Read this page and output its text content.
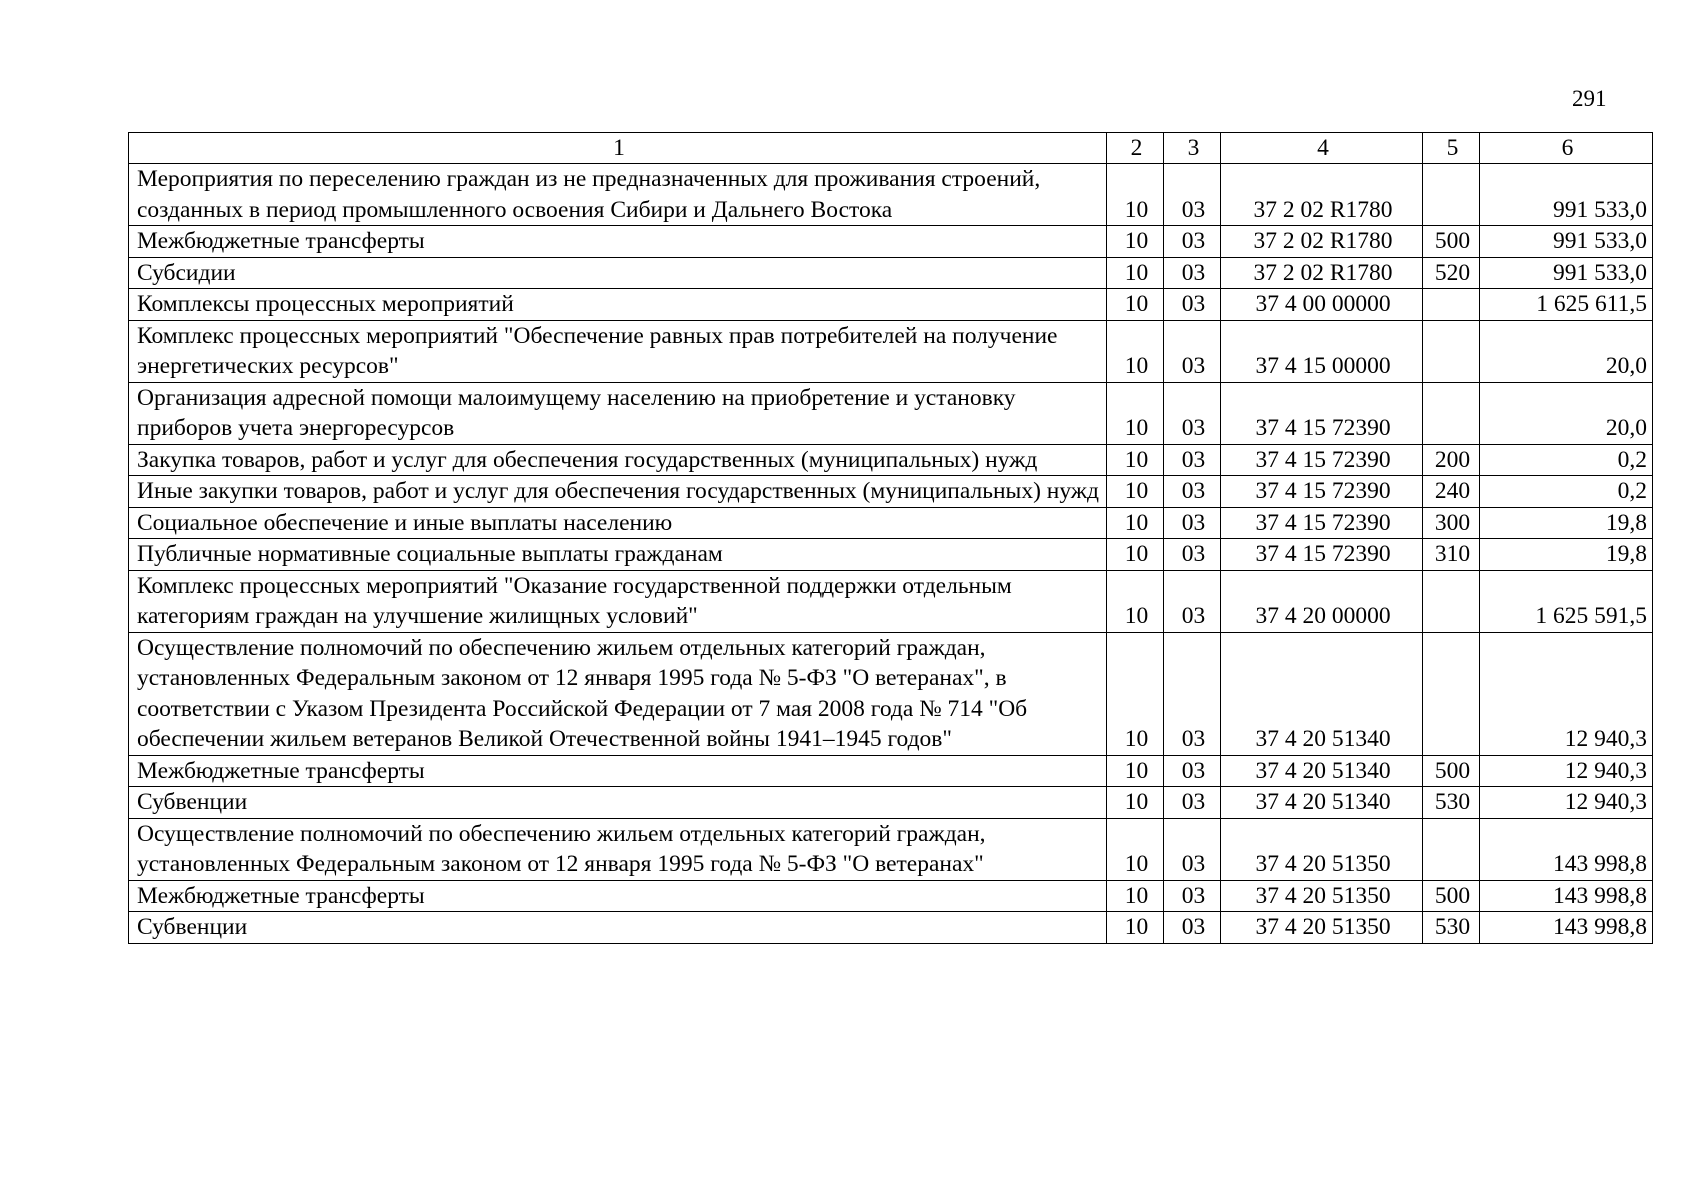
291
1	2	3	4	5	6
Мероприятия по переселению граждан из не предназначенных для проживания строений, созданных в период промышленного освоения Сибири и Дальнего Востока	10	03	37 2 02 R1780		991 533,0
Межбюджетные трансферты	10	03	37 2 02 R1780	500	991 533,0
Субсидии	10	03	37 2 02 R1780	520	991 533,0
Комплексы процессных мероприятий	10	03	37 4 00 00000		1 625 611,5
Комплекс процессных мероприятий "Обеспечение равных прав потребителей на получение энергетических ресурсов"	10	03	37 4 15 00000		20,0
Организация адресной помощи малоимущему населению на приобретение и установку приборов учета энергоресурсов	10	03	37 4 15 72390		20,0
Закупка товаров, работ и услуг для обеспечения государственных (муниципальных) нужд	10	03	37 4 15 72390	200	0,2
Иные закупки товаров, работ и услуг для обеспечения государственных (муниципальных) нужд	10	03	37 4 15 72390	240	0,2
Социальное обеспечение и иные выплаты населению	10	03	37 4 15 72390	300	19,8
Публичные нормативные социальные выплаты гражданам	10	03	37 4 15 72390	310	19,8
Комплекс процессных мероприятий "Оказание государственной поддержки отдельным категориям граждан на улучшение жилищных условий"	10	03	37 4 20 00000		1 625 591,5
Осуществление полномочий по обеспечению жильем отдельных категорий граждан, установленных Федеральным законом от 12 января 1995 года № 5-ФЗ "О ветеранах", в соответствии с Указом Президента Российской Федерации от 7 мая 2008 года № 714 "Об обеспечении жильем ветеранов Великой Отечественной войны 1941–1945 годов"	10	03	37 4 20 51340		12 940,3
Межбюджетные трансферты	10	03	37 4 20 51340	500	12 940,3
Субвенции	10	03	37 4 20 51340	530	12 940,3
Осуществление полномочий по обеспечению жильем отдельных категорий граждан, установленных Федеральным законом от 12 января 1995 года № 5-ФЗ "О ветеранах"	10	03	37 4 20 51350		143 998,8
Межбюджетные трансферты	10	03	37 4 20 51350	500	143 998,8
Субвенции	10	03	37 4 20 51350	530	143 998,8
